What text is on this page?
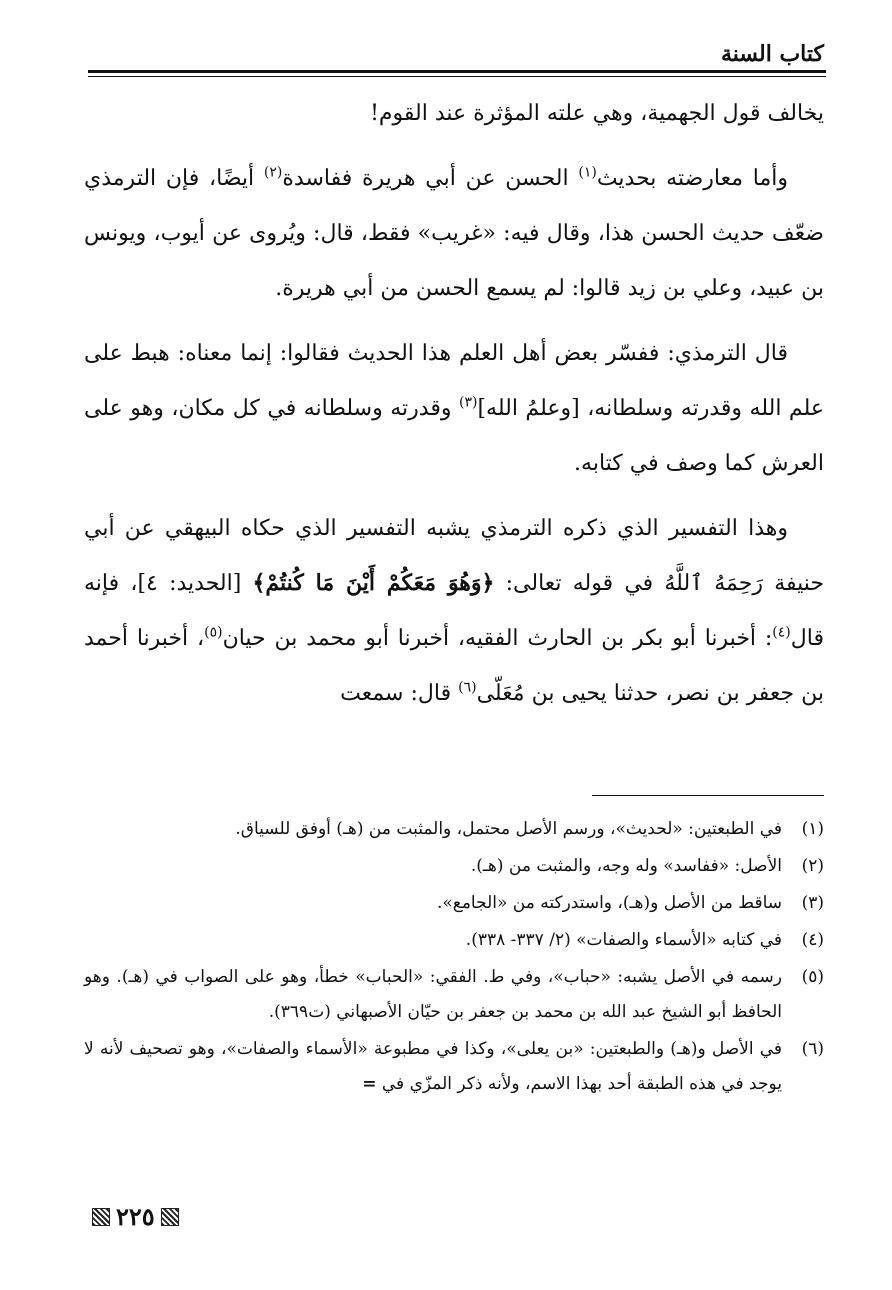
كتاب السنة

يخالف قول الجهمية، وهي علته المؤثرة عند القوم!

وأما معارضته بحديث$^{(١)}$ الحسن عن أبي هريرة ففاسدة$^{(٢)}$ أيضًا، فإن الترمذي ضعّف حديث الحسن هذا، وقال فيه: «غريب» فقط، قال: ويُروى عن أيوب، ويونس بن عبيد، وعلي بن زيد قالوا: لم يسمع الحسن من أبي هريرة.

قال الترمذي: ففسّر بعض أهل العلم هذا الحديث فقالوا: إنما معناه: هبط على علم الله وقدرته وسلطانه، [وعلمُ الله]$^{(٣)}$ وقدرته وسلطانه في كل مكان، وهو على العرش كما وصف في كتابه.

وهذا التفسير الذي ذكره الترمذي يشبه التفسير الذي حكاه البيهقي عن أبي حنيفة رَحِمَهُ ٱللَّهُ في قوله تعالى: ﴿وَهُوَ مَعَكُمْ أَيْنَ مَا كُنتُمْ﴾ [الحديد: ٤]، فإنه قال$^{(٤)}$: أخبرنا أبو بكر بن الحارث الفقيه، أخبرنا أبو محمد بن حيان$^{(٥)}$، أخبرنا أحمد بن جعفر بن نصر، حدثنا يحيى بن مُعَلّى$^{(٦)}$ قال: سمعت

(١)
في الطبعتين: «لحديث»، ورسم الأصل محتمل، والمثبت من (هـ) أوفق للسياق.
(٢)
الأصل: «ففاسد» وله وجه، والمثبت من (هـ).
(٣)
ساقط من الأصل و(هـ)، واستدركته من «الجامع».
(٤)
في كتابه «الأسماء والصفات» (٢/ ٣٣٧- ٣٣٨).
(٥)
رسمه في الأصل يشبه: «حباب»، وفي ط. الفقي: «الحباب» خطأ، وهو على الصواب في (هـ). وهو الحافظ أبو الشيخ عبد الله بن محمد بن جعفر بن حيّان الأصبهاني (ت٣٦٩).
(٦)
في الأصل و(هـ) والطبعتين: «بن يعلى»، وكذا في مطبوعة «الأسماء والصفات»، وهو تصحيف لأنه لا يوجد في هذه الطبقة أحد بهذا الاسم، ولأنه ذكر المزّي في =
٢٢٥
